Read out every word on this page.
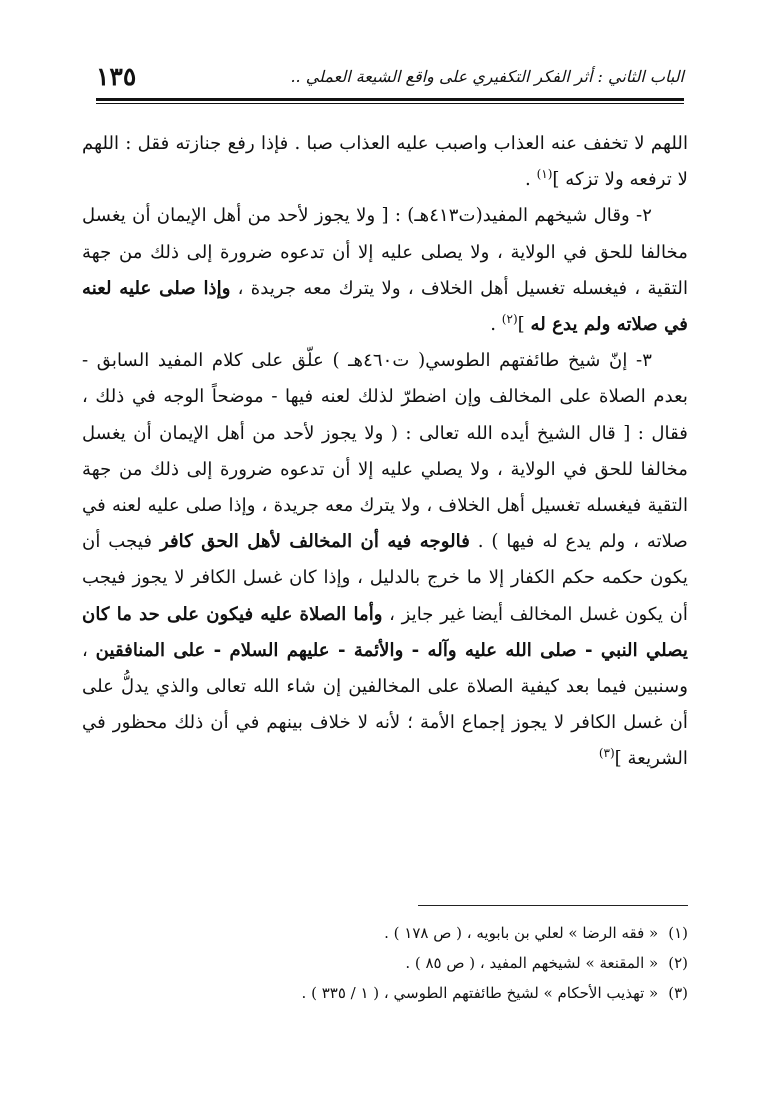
١٣٥	الباب الثاني : أثر الفكر التكفيري على واقع الشيعة العملي ..

اللهم لا تخفف عنه العذاب واصبب عليه العذاب صبا . فإذا رفع جنازته فقل : اللهم لا ترفعه ولا تزكه ]$^{(١)}$ .

٢- وقال شيخهم المفيد(ت٤١٣هـ) : [ ولا يجوز لأحد من أهل الإيمان أن يغسل مخالفا للحق في الولاية ، ولا يصلى عليه إلا أن تدعوه ضرورة إلى ذلك من جهة التقية ، فيغسله تغسيل أهل الخلاف ، ولا يترك معه جريدة ، وإذا صلى عليه لعنه في صلاته ولم يدع له ]$^{(٢)}$ .

٣- إنّ شيخ طائفتهم الطوسي( ت٤٦٠هـ ) علّق على كلام المفيد السابق - بعدم الصلاة على المخالف وإن اضطرّ لذلك لعنه فيها - موضحاً الوجه في ذلك ، فقال : [ قال الشيخ أيده الله تعالى : ( ولا يجوز لأحد من أهل الإيمان أن يغسل مخالفا للحق في الولاية ، ولا يصلي عليه إلا أن تدعوه ضرورة إلى ذلك من جهة التقية فيغسله تغسيل أهل الخلاف ، ولا يترك معه جريدة ، وإذا صلى عليه لعنه في صلاته ، ولم يدع له فيها ) . فالوجه فيه أن المخالف لأهل الحق كافر فيجب أن يكون حكمه حكم الكفار إلا ما خرج بالدليل ، وإذا كان غسل الكافر لا يجوز فيجب أن يكون غسل المخالف أيضا غير جايز ، وأما الصلاة عليه فيكون على حد ما كان يصلي النبي - صلى الله عليه وآله - والأئمة - عليهم السلام - على المنافقين ، وسنبين فيما بعد كيفية الصلاة على المخالفين إن شاء الله تعالى والذي يدلُّ على أن غسل الكافر لا يجوز إجماع الأمة ؛ لأنه لا خلاف بينهم في أن ذلك محظور في الشريعة ]$^{(٣)}$

(١)« فقه الرضا » لعلي بن بابويه ، ( ص ١٧٨ ) .
(٢)« المقنعة » لشيخهم المفيد ، ( ص ٨٥ ) .
(٣)« تهذيب الأحكام » لشيخ طائفتهم الطوسي ، ( ١ / ٣٣٥ ) .
